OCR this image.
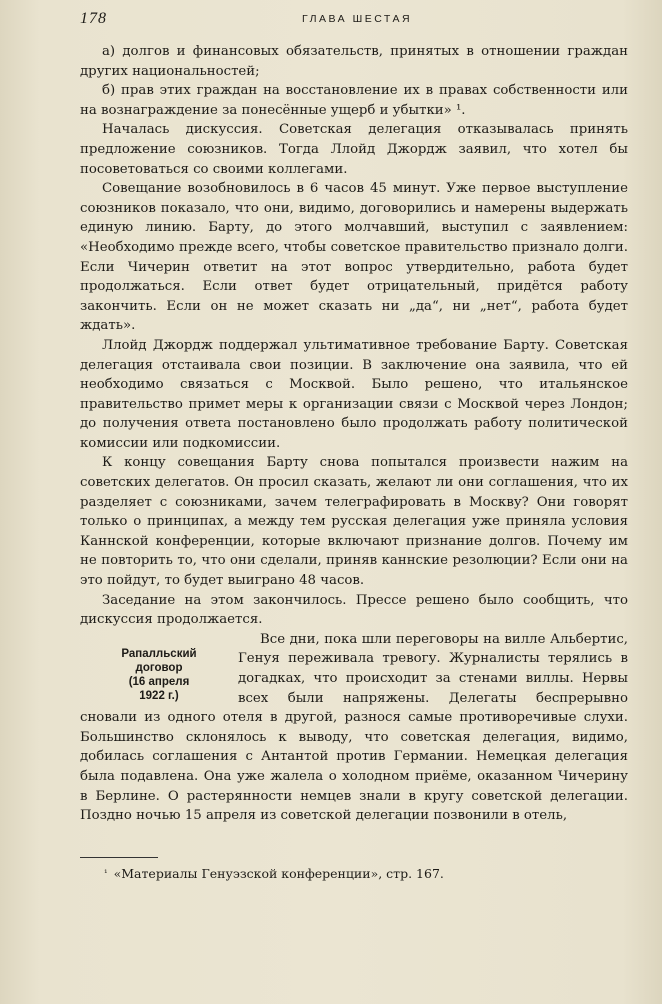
178	ГЛАВА ШЕСТАЯ

а) долгов и финансовых обязательств, принятых в отношении граждан других национальностей;

б) прав этих граждан на восстановление их в правах собственности или на вознаграждение за понесённые ущерб и убытки» ¹.

Началась дискуссия. Советская делегация отказывалась принять предложение союзников. Тогда Ллойд Джордж заявил, что хотел бы посоветоваться со своими коллегами.

Совещание возобновилось в 6 часов 45 минут. Уже первое выступление союзников показало, что они, видимо, договорились и намерены выдержать единую линию. Барту, до этого молчавший, выступил с заявлением: «Необходимо прежде всего, чтобы советское правительство признало долги. Если Чичерин ответит на этот вопрос утвердительно, работа будет продолжаться. Если ответ будет отрицательный, придётся работу закончить. Если он не может сказать ни „да“, ни „нет“, работа будет ждать».

Ллойд Джордж поддержал ультимативное требование Барту. Советская делегация отстаивала свои позиции. В заключение она заявила, что ей необходимо связаться с Москвой. Было решено, что итальянское правительство примет меры к организации связи с Москвой через Лондон; до получения ответа постановлено было продолжать работу политической комиссии или подкомиссии.

К концу совещания Барту снова попытался произвести нажим на советских делегатов. Он просил сказать, желают ли они соглашения, что их разделяет с союзниками, зачем телеграфировать в Москву? Они говорят только о принципах, а между тем русская делегация уже приняла условия Каннской конференции, которые включают признание долгов. Почему им не повторить то, что они сделали, приняв каннские резолюции? Если они на это пойдут, то будет выиграно 48 часов.

Заседание на этом закончилось. Прессе решено было сообщить, что дискуссия продолжается.

Рапалльский
договор
(16 апреля
1922 г.)

Все дни, пока шли переговоры на вилле Альбертис, Генуя переживала тревогу. Журналисты терялись в догадках, что происходит за стенами виллы. Нервы всех были напряжены. Делегаты беспрерывно сновали из одного отеля в другой, разнося самые противоречивые слухи. Большинство склонялось к выводу, что советская делегация, видимо, добилась соглашения с Антантой против Германии. Немецкая делегация была подавлена. Она уже жалела о холодном приёме, оказанном Чичерину в Берлине. О растерянности немцев знали в кругу советской делегации. Поздно ночью 15 апреля из советской делегации позвонили в отель,

$^{^1}$ «Материалы Генуэзской конференции», стр. 167.
